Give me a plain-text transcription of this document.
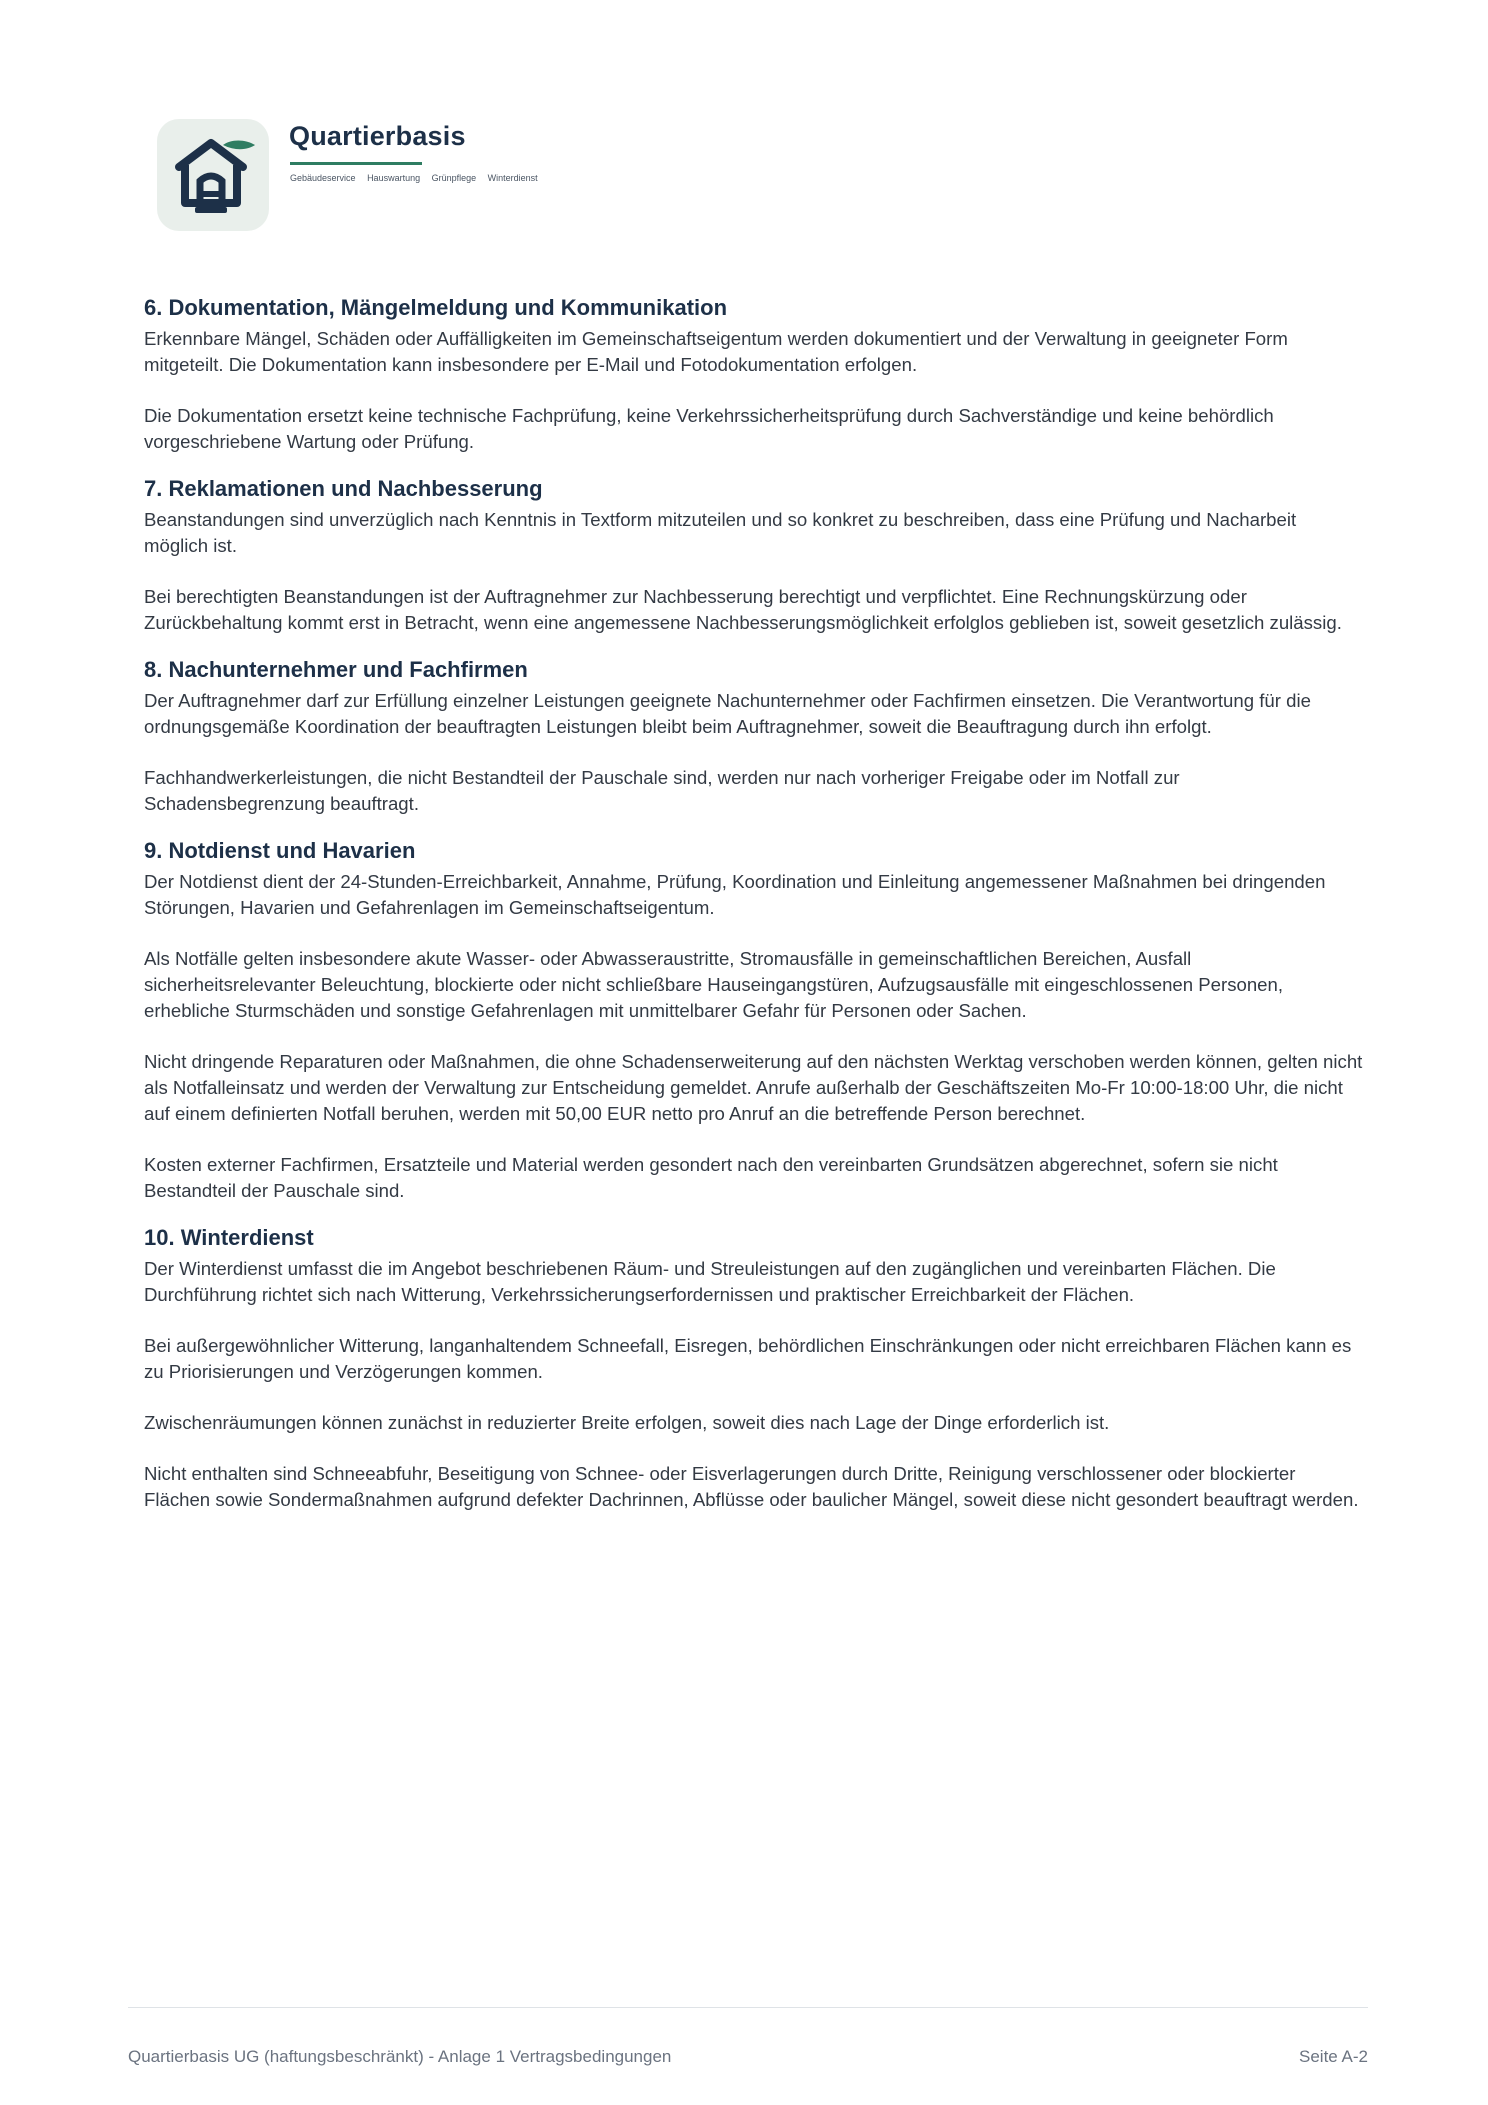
Quartierbasis
Gebäudeservice Hauswartung Grünpflege Winterdienst
6. Dokumentation, Mängelmeldung und Kommunikation

Erkennbare Mängel, Schäden oder Auffälligkeiten im Gemeinschaftseigentum werden dokumentiert und der Verwaltung in geeigneter Form mitgeteilt. Die Dokumentation kann insbesondere per E-Mail und Fotodokumentation erfolgen.

Die Dokumentation ersetzt keine technische Fachprüfung, keine Verkehrssicherheitsprüfung durch Sachverständige und keine behördlich vorgeschriebene Wartung oder Prüfung.

7. Reklamationen und Nachbesserung

Beanstandungen sind unverzüglich nach Kenntnis in Textform mitzuteilen und so konkret zu beschreiben, dass eine Prüfung und Nacharbeit möglich ist.

Bei berechtigten Beanstandungen ist der Auftragnehmer zur Nachbesserung berechtigt und verpflichtet. Eine Rechnungskürzung oder Zurückbehaltung kommt erst in Betracht, wenn eine angemessene Nachbesserungsmöglichkeit erfolglos geblieben ist, soweit gesetzlich zulässig.

8. Nachunternehmer und Fachfirmen

Der Auftragnehmer darf zur Erfüllung einzelner Leistungen geeignete Nachunternehmer oder Fachfirmen einsetzen. Die Verantwortung für die ordnungsgemäße Koordination der beauftragten Leistungen bleibt beim Auftragnehmer, soweit die Beauftragung durch ihn erfolgt.

Fachhandwerkerleistungen, die nicht Bestandteil der Pauschale sind, werden nur nach vorheriger Freigabe oder im Notfall zur Schadensbegrenzung beauftragt.

9. Notdienst und Havarien

Der Notdienst dient der 24-Stunden-Erreichbarkeit, Annahme, Prüfung, Koordination und Einleitung angemessener Maßnahmen bei dringenden Störungen, Havarien und Gefahrenlagen im Gemeinschaftseigentum.

Als Notfälle gelten insbesondere akute Wasser- oder Abwasseraustritte, Stromausfälle in gemeinschaftlichen Bereichen, Ausfall sicherheitsrelevanter Beleuchtung, blockierte oder nicht schließbare Hauseingangstüren, Aufzugsausfälle mit eingeschlossenen Personen, erhebliche Sturmschäden und sonstige Gefahrenlagen mit unmittelbarer Gefahr für Personen oder Sachen.

Nicht dringende Reparaturen oder Maßnahmen, die ohne Schadenserweiterung auf den nächsten Werktag verschoben werden können, gelten nicht als Notfalleinsatz und werden der Verwaltung zur Entscheidung gemeldet. Anrufe außerhalb der Geschäftszeiten Mo-Fr 10:00-18:00 Uhr, die nicht auf einem definierten Notfall beruhen, werden mit 50,00 EUR netto pro Anruf an die betreffende Person berechnet.

Kosten externer Fachfirmen, Ersatzteile und Material werden gesondert nach den vereinbarten Grundsätzen abgerechnet, sofern sie nicht Bestandteil der Pauschale sind.

10. Winterdienst

Der Winterdienst umfasst die im Angebot beschriebenen Räum- und Streuleistungen auf den zugänglichen und vereinbarten Flächen. Die Durchführung richtet sich nach Witterung, Verkehrssicherungserfordernissen und praktischer Erreichbarkeit der Flächen.

Bei außergewöhnlicher Witterung, langanhaltendem Schneefall, Eisregen, behördlichen Einschränkungen oder nicht erreichbaren Flächen kann es zu Priorisierungen und Verzögerungen kommen.

Zwischenräumungen können zunächst in reduzierter Breite erfolgen, soweit dies nach Lage der Dinge erforderlich ist.

Nicht enthalten sind Schneeabfuhr, Beseitigung von Schnee- oder Eisverlagerungen durch Dritte, Reinigung verschlossener oder blockierter Flächen sowie Sondermaßnahmen aufgrund defekter Dachrinnen, Abflüsse oder baulicher Mängel, soweit diese nicht gesondert beauftragt werden.

Quartierbasis UG (haftungsbeschränkt) - Anlage 1 Vertragsbedingungen	Seite A-2
